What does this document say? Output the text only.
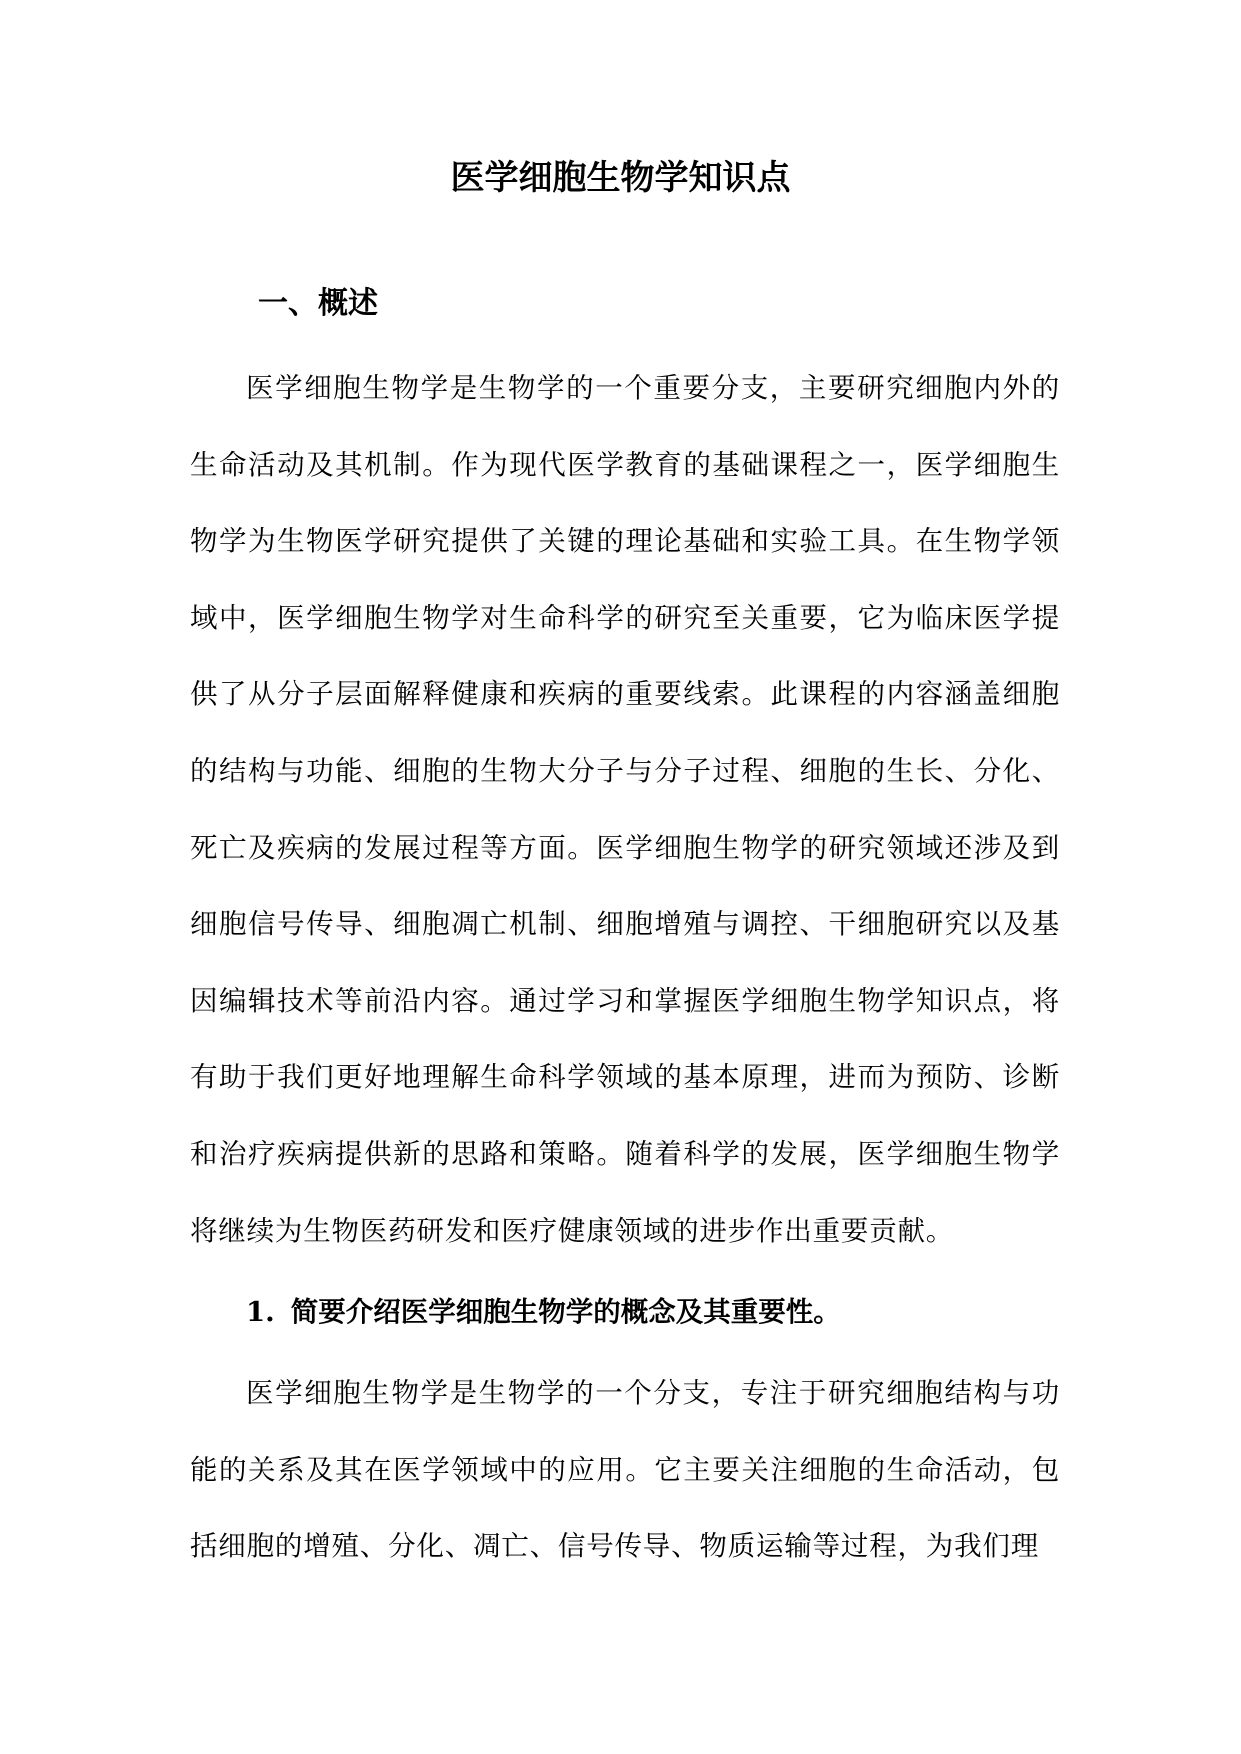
医学细胞生物学知识点
一、概述

医学细胞生物学是生物学的一个重要分支，主要研究细胞内外的生命活动及其机制。作为现代医学教育的基础课程之一，医学细胞生物学为生物医学研究提供了关键的理论基础和实验工具。在生物学领域中，医学细胞生物学对生命科学的研究至关重要，它为临床医学提供了从分子层面解释健康和疾病的重要线索。此课程的内容涵盖细胞的结构与功能、细胞的生物大分子与分子过程、细胞的生长、分化、死亡及疾病的发展过程等方面。医学细胞生物学的研究领域还涉及到细胞信号传导、细胞凋亡机制、细胞增殖与调控、干细胞研究以及基因编辑技术等前沿内容。通过学习和掌握医学细胞生物学知识点，将有助于我们更好地理解生命科学领域的基本原理，进而为预防、诊断和治疗疾病提供新的思路和策略。随着科学的发展，医学细胞生物学将继续为生物医药研发和医疗健康领域的进步作出重要贡献。

1. 简要介绍医学细胞生物学的概念及其重要性。

医学细胞生物学是生物学的一个分支，专注于研究细胞结构与功能的关系及其在医学领域中的应用。它主要关注细胞的生命活动，包括细胞的增殖、分化、凋亡、信号传导、物质运输等过程，为我们理
